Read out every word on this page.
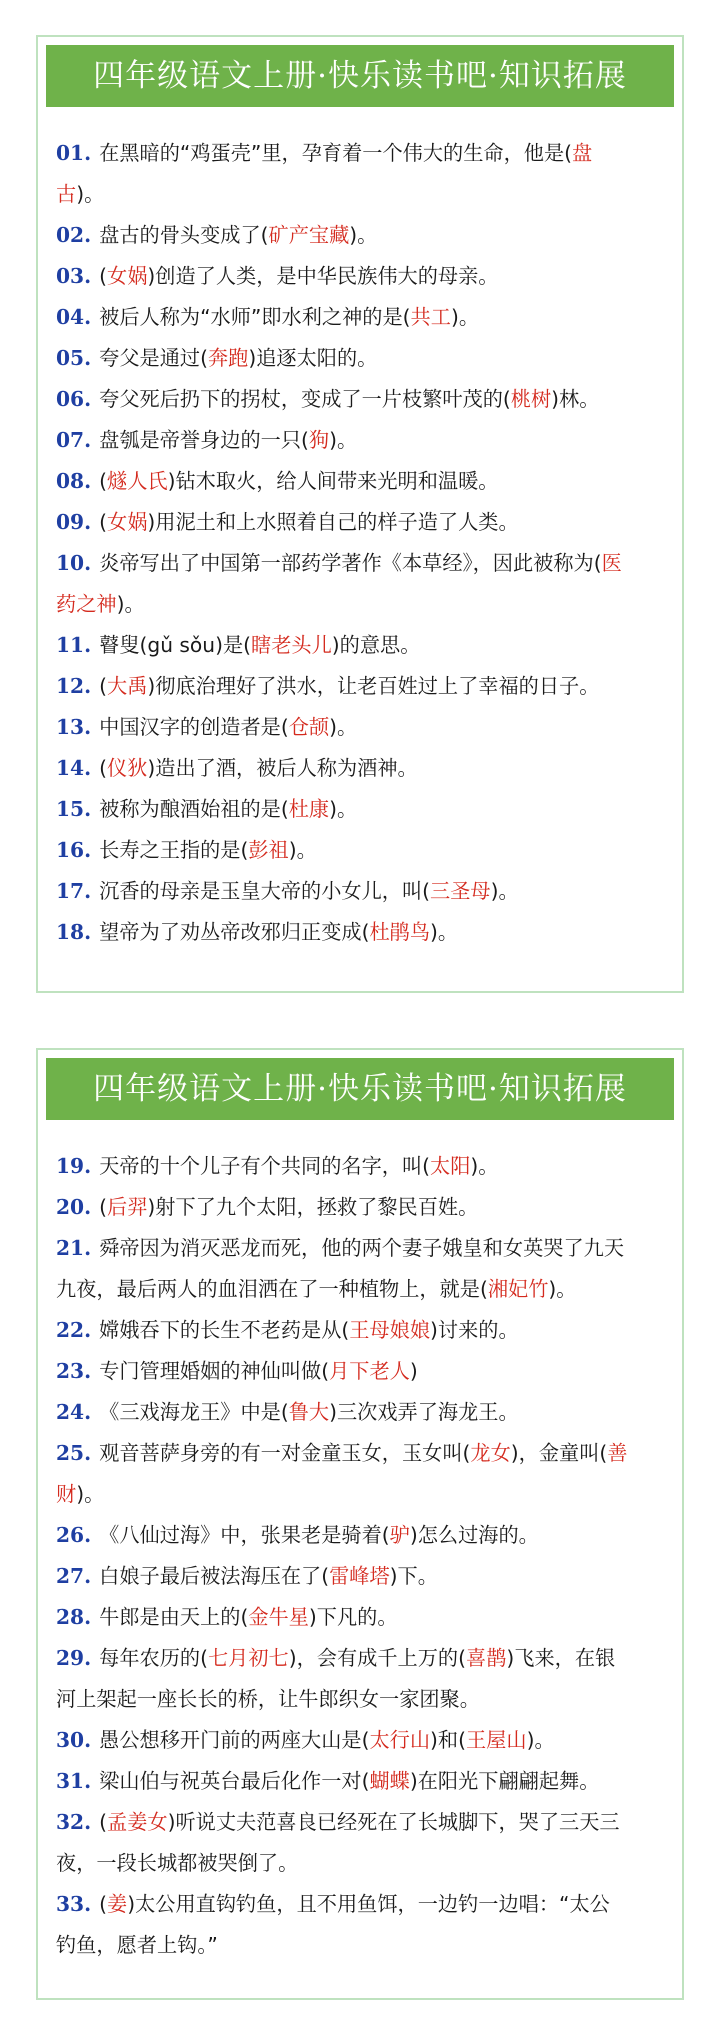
四年级语文上册·快乐读书吧·知识拓展
01. 在黑暗的“鸡蛋壳”里，孕育着一个伟大的生命，他是(盘
古)。
02. 盘古的骨头变成了(矿产宝藏)。
03. (女娲)创造了人类，是中华民族伟大的母亲。
04. 被后人称为“水师”即水利之神的是(共工)。
05. 夸父是通过(奔跑)追逐太阳的。
06. 夸父死后扔下的拐杖，变成了一片枝繁叶茂的(桃树)林。
07. 盘瓠是帝誉身边的一只(狗)。
08. (燧人氏)钻木取火，给人间带来光明和温暖。
09. (女娲)用泥土和上水照着自己的样子造了人类。
10. 炎帝写出了中国第一部药学著作《本草经》，因此被称为(医
药之神)。
11. 瞽叟(gǔ sǒu)是(瞎老头儿)的意思。
12. (大禹)彻底治理好了洪水，让老百姓过上了幸福的日子。
13. 中国汉字的创造者是(仓颉)。
14. (仪狄)造出了酒，被后人称为酒神。
15. 被称为酿酒始祖的是(杜康)。
16. 长寿之王指的是(彭祖)。
17. 沉香的母亲是玉皇大帝的小女儿，叫(三圣母)。
18. 望帝为了劝丛帝改邪归正变成(杜鹃鸟)。
四年级语文上册·快乐读书吧·知识拓展
19. 天帝的十个儿子有个共同的名字，叫(太阳)。
20. (后羿)射下了九个太阳，拯救了黎民百姓。
21. 舜帝因为消灭恶龙而死，他的两个妻子娥皇和女英哭了九天
九夜，最后两人的血泪洒在了一种植物上，就是(湘妃竹)。
22. 嫦娥吞下的长生不老药是从(王母娘娘)讨来的。
23. 专门管理婚姻的神仙叫做(月下老人)
24. 《三戏海龙王》中是(鲁大)三次戏弄了海龙王。
25. 观音菩萨身旁的有一对金童玉女，玉女叫(龙女)，金童叫(善
财)。
26. 《八仙过海》中，张果老是骑着(驴)怎么过海的。
27. 白娘子最后被法海压在了(雷峰塔)下。
28. 牛郎是由天上的(金牛星)下凡的。
29. 每年农历的(七月初七)，会有成千上万的(喜鹊)飞来，在银
河上架起一座长长的桥，让牛郎织女一家团聚。
30. 愚公想移开门前的两座大山是(太行山)和(王屋山)。
31. 梁山伯与祝英台最后化作一对(蝴蝶)在阳光下翩翩起舞。
32. (孟姜女)听说丈夫范喜良已经死在了长城脚下，哭了三天三
夜，一段长城都被哭倒了。
33. (姜)太公用直钩钓鱼，且不用鱼饵，一边钓一边唱：“太公
钓鱼，愿者上钩。”
